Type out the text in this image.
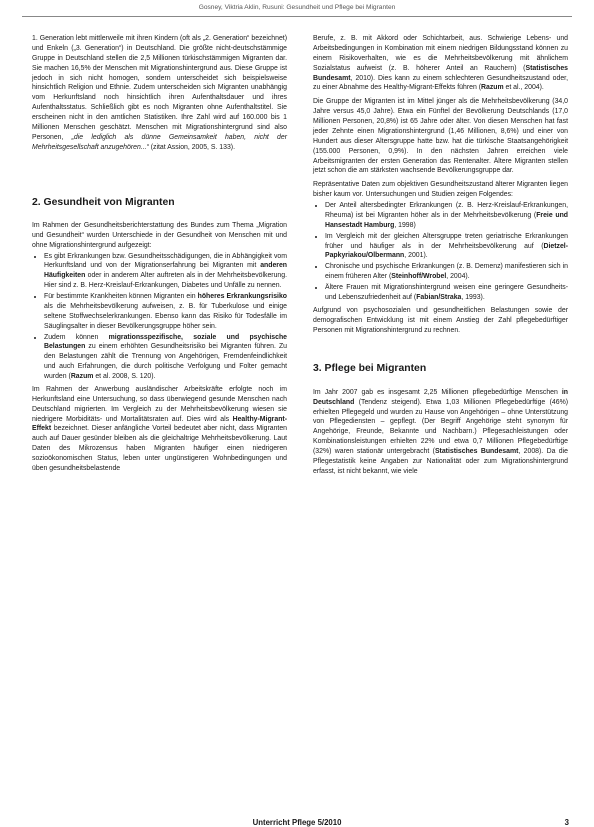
Gosney, Viktria Aklin, Rusuni: Gesundheit und Pflege bei Migranten

1. Generation lebt mittlerweile mit ihren Kindern (oft als „2. Generation“ bezeichnet) und Enkeln („3. Generation“) in Deutschland. Die größte nicht-deutschstämmige Gruppe in Deutschland stellen die 2,5 Millionen türkischstämmigen Migranten dar. Sie machen 16,5% der Menschen mit Migrationshintergrund aus. Diese Gruppe ist jedoch in sich nicht homogen, sondern unterscheidet sich beispielsweise hinsichtlich Religion und Ethnie. Zudem unterscheiden sich Migranten unabhängig vom Herkunftsland noch hinsichtlich ihren Aufenthaltsdauer und ihres Aufenthaltsstatus. Schließlich gibt es noch Migranten ohne Aufenthaltstitel. Sie erscheinen nicht in den amtlichen Statistiken. Ihre Zahl wird auf 160.000 bis 1 Millionen Menschen geschätzt. Menschen mit Migrationshintergrund sind also Personen, „die lediglich als dünne Gemeinsamkeit haben, nicht der Mehrheitsgesellschaft anzugehören...“ (zitat Assion, 2005, S. 133).

2. Gesundheit von Migranten

Im Rahmen der Gesundheitsberichterstattung des Bundes zum Thema „Migration und Gesundheit“ wurden Unterschiede in der Gesundheit von Menschen mit und ohne Migrationshintergrund aufgezeigt:

• Es gibt Erkrankungen bzw. Gesundheitsschädigungen, die in Abhängigkeit vom Herkunftsland und von der Migrationserfahrung bei Migranten mit anderen Häufigkeiten oder in anderem Alter auftreten als in der Mehrheitsbevölkerung. Hier sind z. B. Herz-Kreislauf-Erkrankungen, Diabetes und Unfälle zu nennen.
• Für bestimmte Krankheiten können Migranten ein höheres Erkrankungsrisiko als die Mehrheitsbevölkerung aufweisen, z. B. für Tuberkulose und einige seltene Stoffwechselerkrankungen. Ebenso kann das Risiko für Todesfälle im Säuglingsalter in dieser Bevölkerungsgruppe höher sein.
• Zudem können migrationsspezifische, soziale und psychische Belastungen zu einem erhöhten Gesundheitsrisiko bei Migranten führen. Zu den Belastungen zählt die Trennung von Angehörigen, Fremdenfeindlichkeit und auch Erfahrungen, die durch politische Verfolgung und Folter gemacht wurden (Razum et al. 2008, S. 120).

Im Rahmen der Anwerbung ausländischer Arbeitskräfte erfolgte noch im Herkunftsland eine Untersuchung, so dass überwiegend gesunde Menschen nach Deutschland migrierten. Im Vergleich zu der Mehrheitsbevölkerung wiesen sie niedrigere Morbiditäts- und Mortalitätsraten auf. Dies wird als Healthy-Migrant-Effekt bezeichnet. Dieser anfängliche Vorteil bedeutet aber nicht, dass Migranten auch auf Dauer gesünder bleiben als die gleichaltrige Mehrheitsbevölkerung. Laut Daten des Mikrozensus haben Migranten häufiger einen niedrigeren sozioökonomischen Status, leben unter ungünstigeren Wohnbedingungen und üben gesundheitsbelastende

Berufe, z. B. mit Akkord oder Schichtarbeit, aus. Schwierige Lebens- und Arbeitsbedingungen in Kombination mit einem niedrigen Bildungsstand können zu einem Risikoverhalten, wie es die Mehrheitsbevölkerung mit ähnlichem Sozialstatus aufweist (z. B. höherer Anteil an Rauchern) (Statistisches Bundesamt, 2010). Dies kann zu einem schlechteren Gesundheitszustand oder, zu einer Abnahme des Healthy-Migrant-Effekts führen (Razum et al., 2004).

Die Gruppe der Migranten ist im Mittel jünger als die Mehrheitsbevölkerung (34,0 Jahre versus 45,0 Jahre). Etwa ein Fünftel der Bevölkerung Deutschlands (17,0 Millionen Personen, 20,8%) ist 65 Jahre oder älter. Von diesen Menschen hat fast jeder Zehnte einen Migrationshintergrund (1,46 Millionen, 8,6%) und einer von Hundert aus dieser Altersgruppe hatte bzw. hat die türkische Staatsangehörigkeit (155.000 Personen, 0,9%). In den nächsten Jahren erreichen viele Arbeitsmigranten der ersten Generation das Rentenalter. Ältere Migranten stellen jetzt schon die am stärksten wachsende Bevölkerungsgruppe dar.

Repräsentative Daten zum objektiven Gesundheitszustand älterer Migranten liegen bisher kaum vor. Untersuchungen und Studien zeigen Folgendes:

• Der Anteil altersbedingter Erkrankungen (z. B. Herz-Kreislauf-Erkrankungen, Rheuma) ist bei Migranten höher als in der Mehrheitsbevölkerung (Freie und Hansestadt Hamburg, 1998)
• Im Vergleich mit der gleichen Altersgruppe treten geriatrische Erkrankungen früher und häufiger als in der Mehrheitsbevölkerung auf (Dietzel-Papkyriakou/Olbermann, 2001).
• Chronische und psychische Erkrankungen (z. B. Demenz) manifestieren sich in einem früheren Alter (Steinhoff/Wrobel, 2004).
• Ältere Frauen mit Migrationshintergrund weisen eine geringere Gesundheits- und Lebenszufriedenheit auf (Fabian/Straka, 1993).

Aufgrund von psychosozialen und gesundheitlichen Belastungen sowie der demografischen Entwicklung ist mit einem Anstieg der Zahl pflegebedürftiger Personen mit Migrationshintergrund zu rechnen.

3. Pflege bei Migranten

Im Jahr 2007 gab es insgesamt 2,25 Millionen pflegebedürftige Menschen in Deutschland (Tendenz steigend). Etwa 1,03 Millionen Pflegebedürftige (46%) erhielten Pflegegeld und wurden zu Hause von Angehörigen – ohne Unterstützung von Pflegediensten – gepflegt. (Der Begriff Angehörige steht synonym für Angehörige, Freunde, Bekannte und Nachbarn.) Pflegesachleistungen oder Kombinationsleistungen erhielten 22% und etwa 0,7 Millionen Pflegebedürftige (32%) waren stationär untergebracht (Statistisches Bundesamt, 2008). Da die Pflegestatistik keine Angaben zur Nationalität oder zum Migrationshintergrund erfasst, ist nicht bekannt, wie viele

Unterricht Pflege 5/2010	3
